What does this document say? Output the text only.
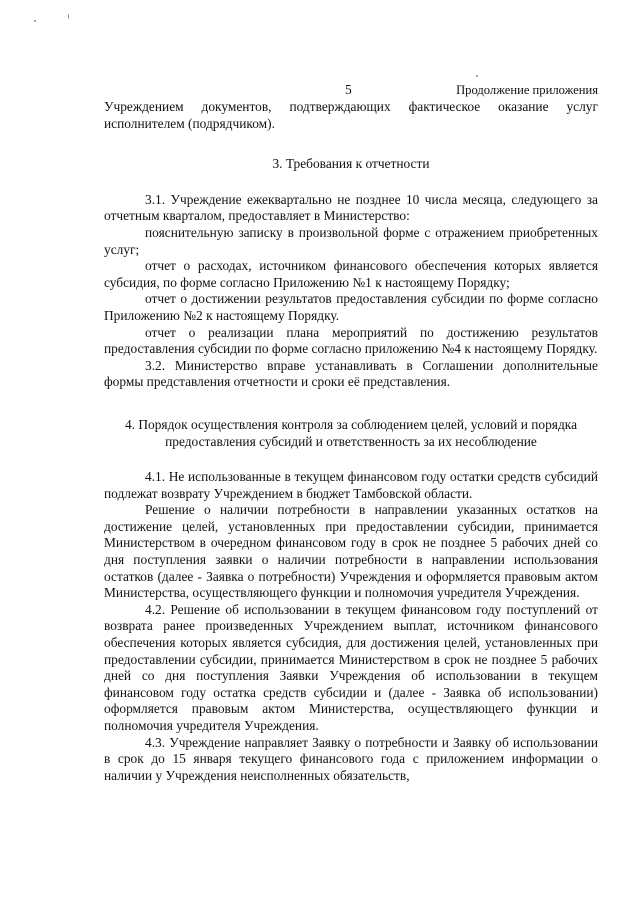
5	Продолжение приложения

Учреждением документов, подтверждающих фактическое оказание услуг исполнителем (подрядчиком).

3. Требования к отчетности

3.1. Учреждение ежеквартально не позднее 10 числа месяца, следующего за отчетным кварталом, предоставляет в Министерство:

пояснительную записку в произвольной форме с отражением приобретенных услуг;

отчет о расходах, источником финансового обеспечения которых является субсидия, по форме согласно Приложению №1 к настоящему Порядку;

отчет о достижении результатов предоставления субсидии по форме согласно Приложению №2 к настоящему Порядку.

отчет о реализации плана мероприятий по достижению результатов предоставления субсидии по форме согласно приложению №4 к настоящему Порядку.

3.2. Министерство вправе устанавливать в Соглашении дополнительные формы представления отчетности и сроки её представления.

4. Порядок осуществления контроля за соблюдением целей, условий и порядка предоставления субсидий и ответственность за их несоблюдение

4.1. Не использованные в текущем финансовом году остатки средств субсидий подлежат возврату Учреждением в бюджет Тамбовской области.

Решение о наличии потребности в направлении указанных остатков на достижение целей, установленных при предоставлении субсидии, принимается Министерством в очередном финансовом году в срок не позднее 5 рабочих дней со дня поступления заявки о наличии потребности в направлении использования остатков (далее - Заявка о потребности) Учреждения и оформляется правовым актом Министерства, осуществляющего функции и полномочия учредителя Учреждения.

4.2. Решение об использовании в текущем финансовом году поступлений от возврата ранее произведенных Учреждением выплат, источником финансового обеспечения которых является субсидия, для достижения целей, установленных при предоставлении субсидии, принимается Министерством в срок не позднее 5 рабочих дней со дня поступления Заявки Учреждения об использовании в текущем финансовом году остатка средств субсидии и (далее - Заявка об использовании) оформляется правовым актом Министерства, осуществляющего функции и полномочия учредителя Учреждения.

4.3. Учреждение направляет Заявку о потребности и Заявку об использовании в срок до 15 января текущего финансового года с приложением информации о наличии у Учреждения неисполненных обязательств,
